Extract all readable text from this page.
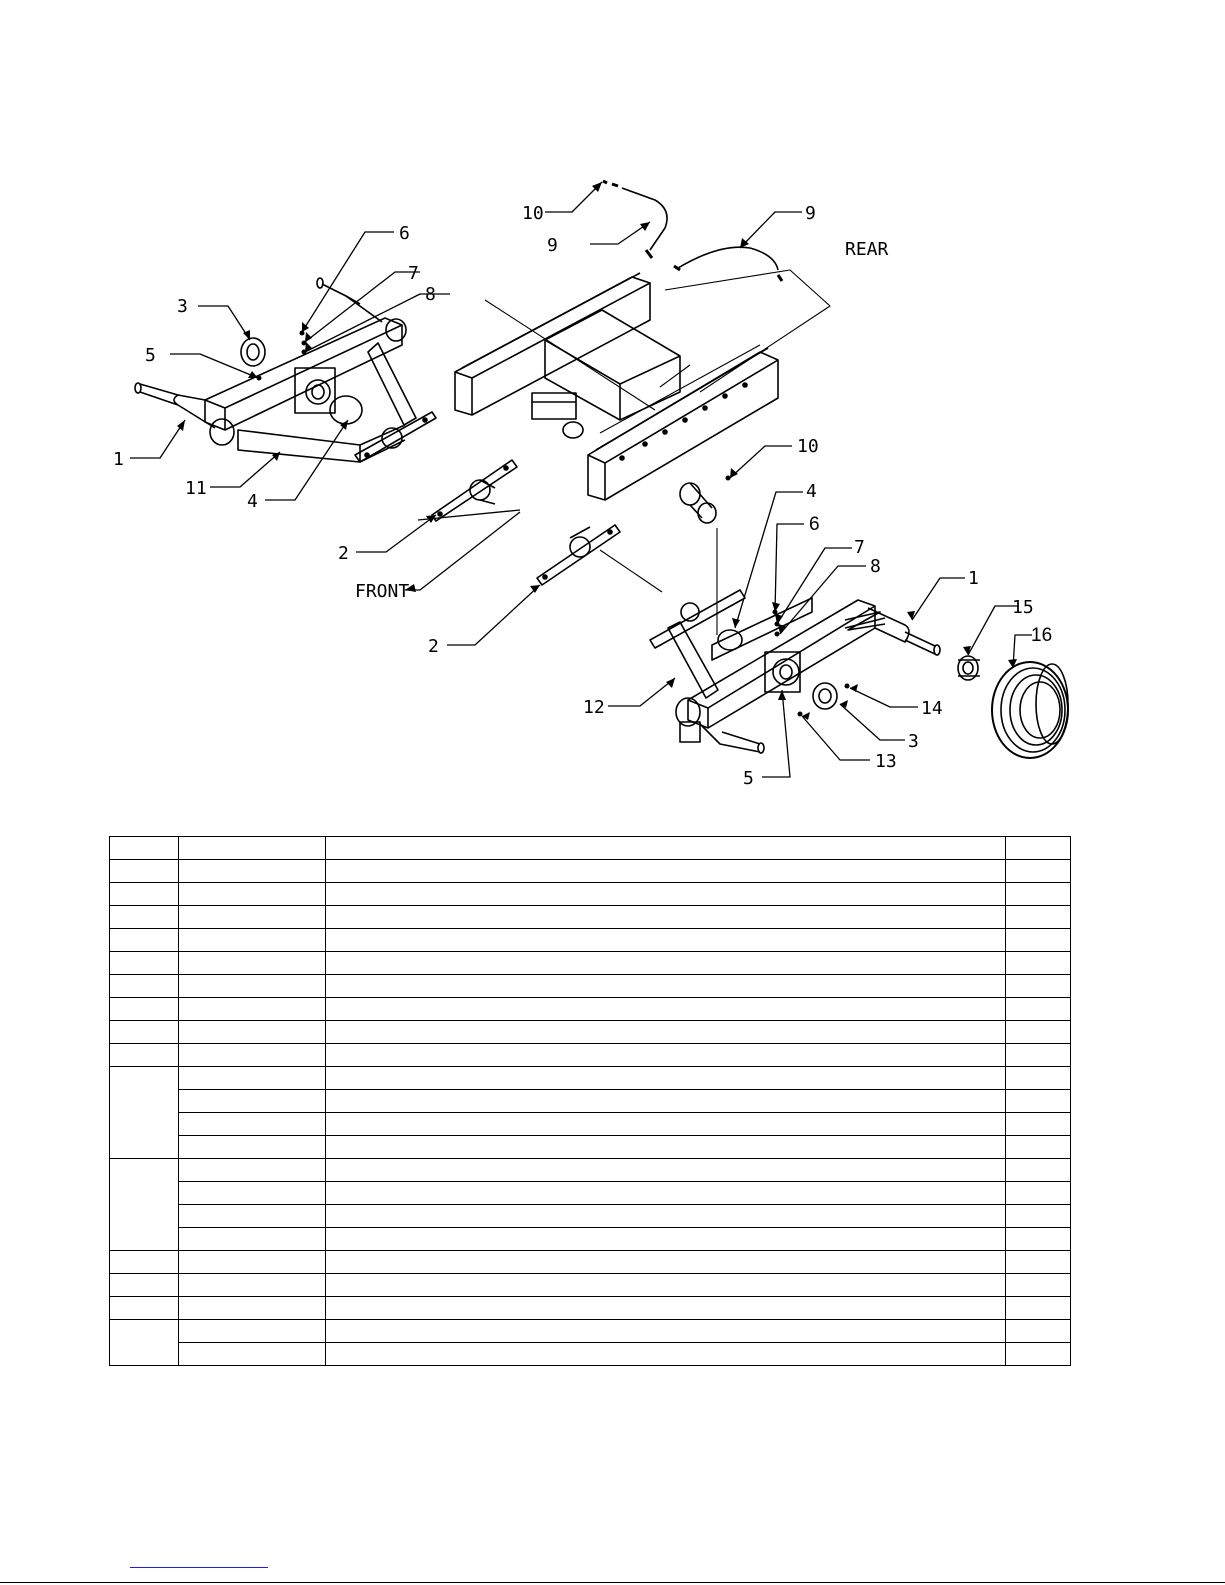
FRONT
REAR
10
9
9
6
7
8
3
5
1
11
4
2
10
4
6
7
8
1
15
16
2
12	14
3
13
5
